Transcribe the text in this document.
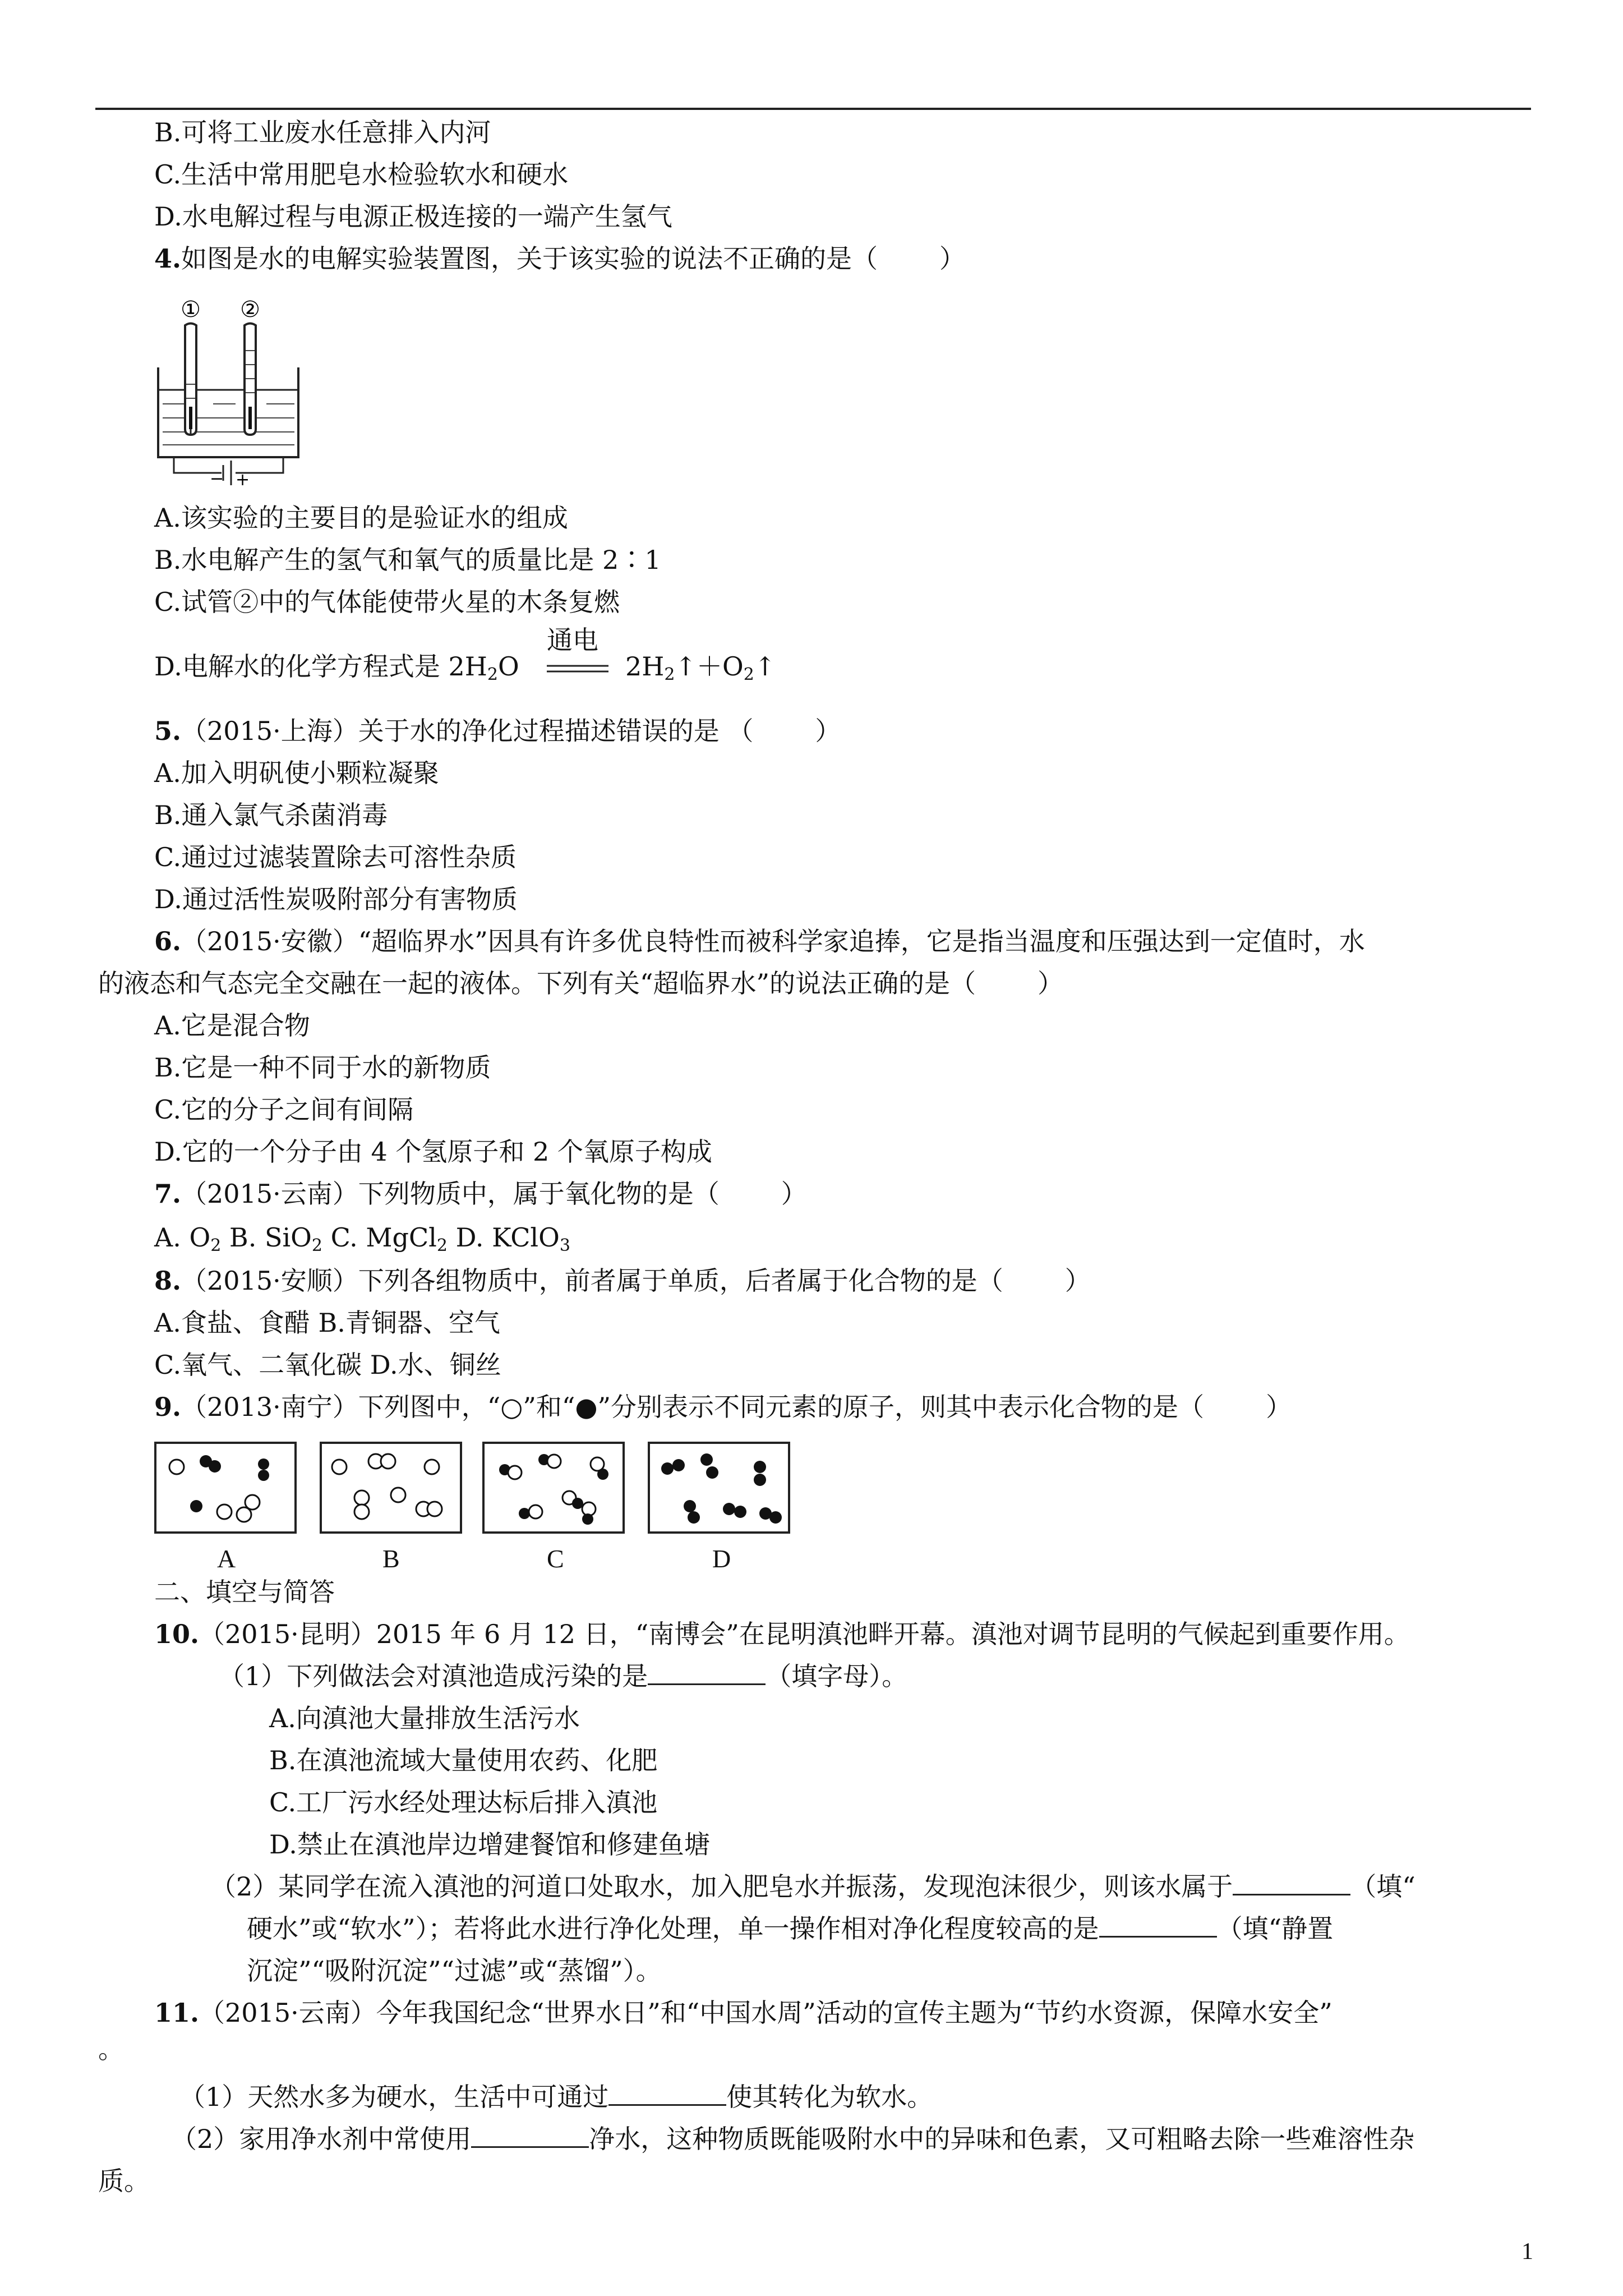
B.可将工业废水任意排入内河
C.生活中常用肥皂水检验软水和硬水
D.水电解过程与电源正极连接的一端产生氢气
4.如图是水的电解实验装置图，关于该实验的说法不正确的是（ ）
① ②
− +
A.该实验的主要目的是验证水的组成
B.水电解产生的氢气和氧气的质量比是 2∶1
C.试管②中的气体能使带火星的木条复燃
D.电解水的化学方程式是 $2H_2O$
通电
$2H_2↑+O_2↑$
5.（2015·上海）关于水的净化过程描述错误的是 （ ）
A.加入明矾使小颗粒凝聚
B.通入氯气杀菌消毒
C.通过过滤装置除去可溶性杂质
D.通过活性炭吸附部分有害物质
6.（2015·安徽）“超临界水”因具有许多优良特性而被科学家追捧，它是指当温度和压强达到一定值时，水
的液态和气态完全交融在一起的液体。下列有关“超临界水”的说法正确的是（ ）
A.它是混合物
B.它是一种不同于水的新物质
C.它的分子之间有间隔
D.它的一个分子由 4 个氢原子和 2 个氧原子构成
7.（2015·云南）下列物质中，属于氧化物的是（ ）
A. $O_2$ B. SiO$_2$ C. MgCl$_2$ D. KClO$_3$
8.（2015·安顺）下列各组物质中，前者属于单质，后者属于化合物的是（ ）
A.食盐、食醋 B.青铜器、空气
C.氧气、二氧化碳 D.水、铜丝
9.（2013·南宁）下列图中，“○”和“●”分别表示不同元素的原子，则其中表示化合物的是（ ）
A	B	C	D
二、填空与简答
10.（2015·昆明）2015 年 6 月 12 日，“南博会”在昆明滇池畔开幕。滇池对调节昆明的气候起到重要作用。
（1）下列做法会对滇池造成污染的是	（填字母）。
A.向滇池大量排放生活污水
B.在滇池流域大量使用农药、化肥
C.工厂污水经处理达标后排入滇池
D.禁止在滇池岸边增建餐馆和修建鱼塘
（2）某同学在流入滇池的河道口处取水，加入肥皂水并振荡，发现泡沫很少，则该水属于	（填“
硬水”或“软水”）；若将此水进行净化处理，单一操作相对净化程度较高的是	（填“静置
沉淀”“吸附沉淀”“过滤”或“蒸馏”）。
11.（2015·云南）今年我国纪念“世界水日”和“中国水周”活动的宣传主题为“节约水资源，保障水安全”
。
（1）天然水多为硬水，生活中可通过	使其转化为软水。
（2）家用净水剂中常使用	净水，这种物质既能吸附水中的异味和色素，又可粗略去除一些难溶性杂
质。
1
